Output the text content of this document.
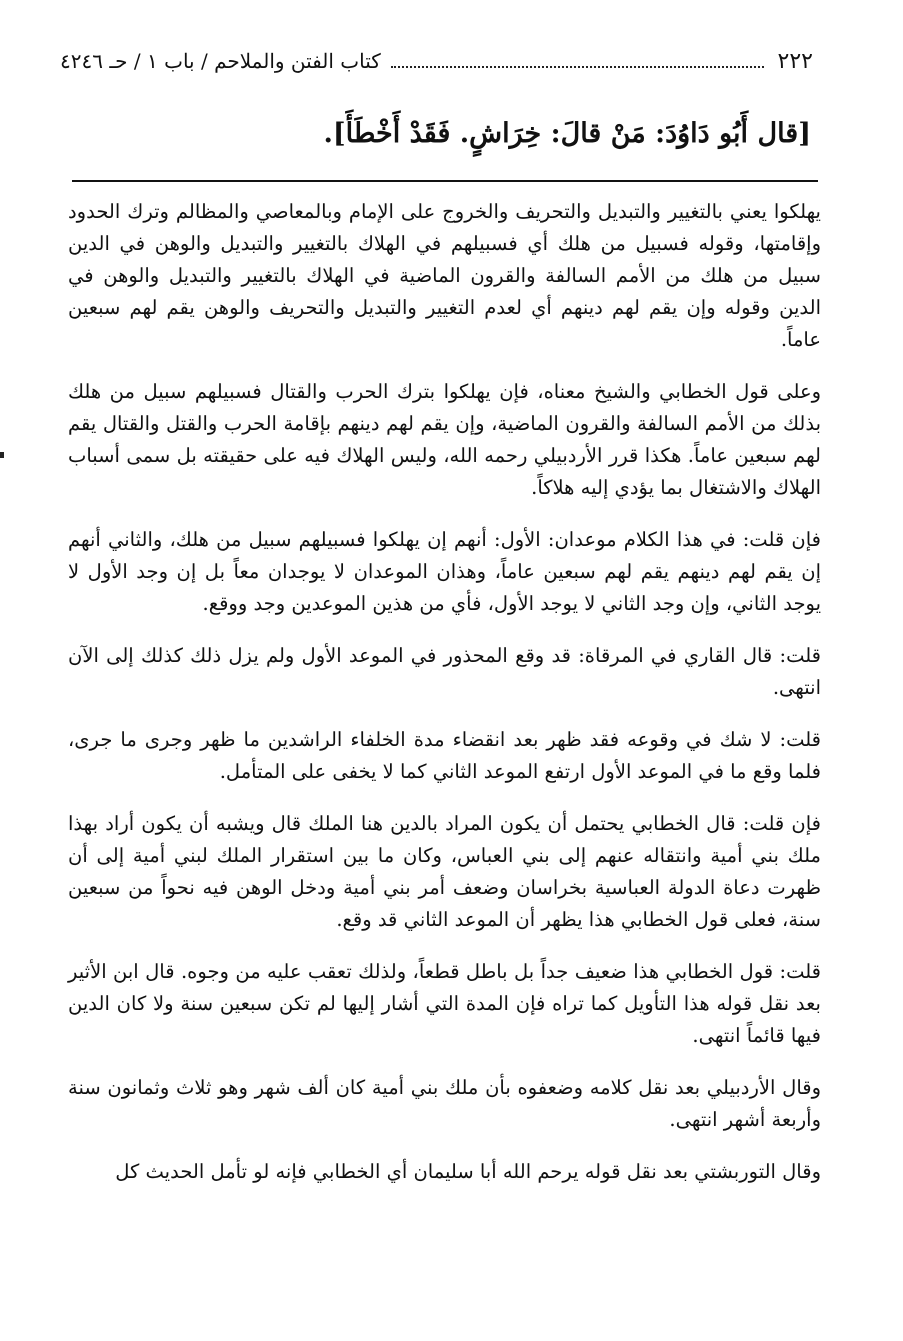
٢٢٢
كتاب الفتن والملاحم / باب ١ / حـ ٤٢٤٦
[قال أَبُو دَاوُدَ: مَنْ قالَ: خِرَاشٍ. فَقَدْ أَخْطَأَ].

يهلكوا يعني بالتغيير والتبديل والتحريف والخروج على الإمام وبالمعاصي والمظالم وترك الحدود وإقامتها، وقوله فسبيل من هلك أي فسبيلهم في الهلاك بالتغيير والتبديل والوهن في الدين سبيل من هلك من الأمم السالفة والقرون الماضية في الهلاك بالتغيير والتبديل والوهن في الدين وقوله وإن يقم لهم دينهم أي لعدم التغيير والتبديل والتحريف والوهن يقم لهم سبعين عاماً.

وعلى قول الخطابي والشيخ معناه، فإن يهلكوا بترك الحرب والقتال فسبيلهم سبيل من هلك بذلك من الأمم السالفة والقرون الماضية، وإن يقم لهم دينهم بإقامة الحرب والقتل والقتال يقم لهم سبعين عاماً. هكذا قرر الأردبيلي رحمه الله، وليس الهلاك فيه على حقيقته بل سمى أسباب الهلاك والاشتغال بما يؤدي إليه هلاكاً.

فإن قلت: في هذا الكلام موعدان: الأول: أنهم إن يهلكوا فسبيلهم سبيل من هلك، والثاني أنهم إن يقم لهم دينهم يقم لهم سبعين عاماً، وهذان الموعدان لا يوجدان معاً بل إن وجد الأول لا يوجد الثاني، وإن وجد الثاني لا يوجد الأول، فأي من هذين الموعدين وجد ووقع.

قلت: قال القاري في المرقاة: قد وقع المحذور في الموعد الأول ولم يزل ذلك كذلك إلى الآن انتهى.

قلت: لا شك في وقوعه فقد ظهر بعد انقضاء مدة الخلفاء الراشدين ما ظهر وجرى ما جرى، فلما وقع ما في الموعد الأول ارتفع الموعد الثاني كما لا يخفى على المتأمل.

فإن قلت: قال الخطابي يحتمل أن يكون المراد بالدين هنا الملك قال ويشبه أن يكون أراد بهذا ملك بني أمية وانتقاله عنهم إلى بني العباس، وكان ما بين استقرار الملك لبني أمية إلى أن ظهرت دعاة الدولة العباسية بخراسان وضعف أمر بني أمية ودخل الوهن فيه نحواً من سبعين سنة، فعلى قول الخطابي هذا يظهر أن الموعد الثاني قد وقع.

قلت: قول الخطابي هذا ضعيف جداً بل باطل قطعاً، ولذلك تعقب عليه من وجوه. قال ابن الأثير بعد نقل قوله هذا التأويل كما تراه فإن المدة التي أشار إليها لم تكن سبعين سنة ولا كان الدين فيها قائماً انتهى.

وقال الأردبيلي بعد نقل كلامه وضعفوه بأن ملك بني أمية كان ألف شهر وهو ثلاث وثمانون سنة وأربعة أشهر انتهى.

وقال التوربشتي بعد نقل قوله يرحم الله أبا سليمان أي الخطابي فإنه لو تأمل الحديث كل
